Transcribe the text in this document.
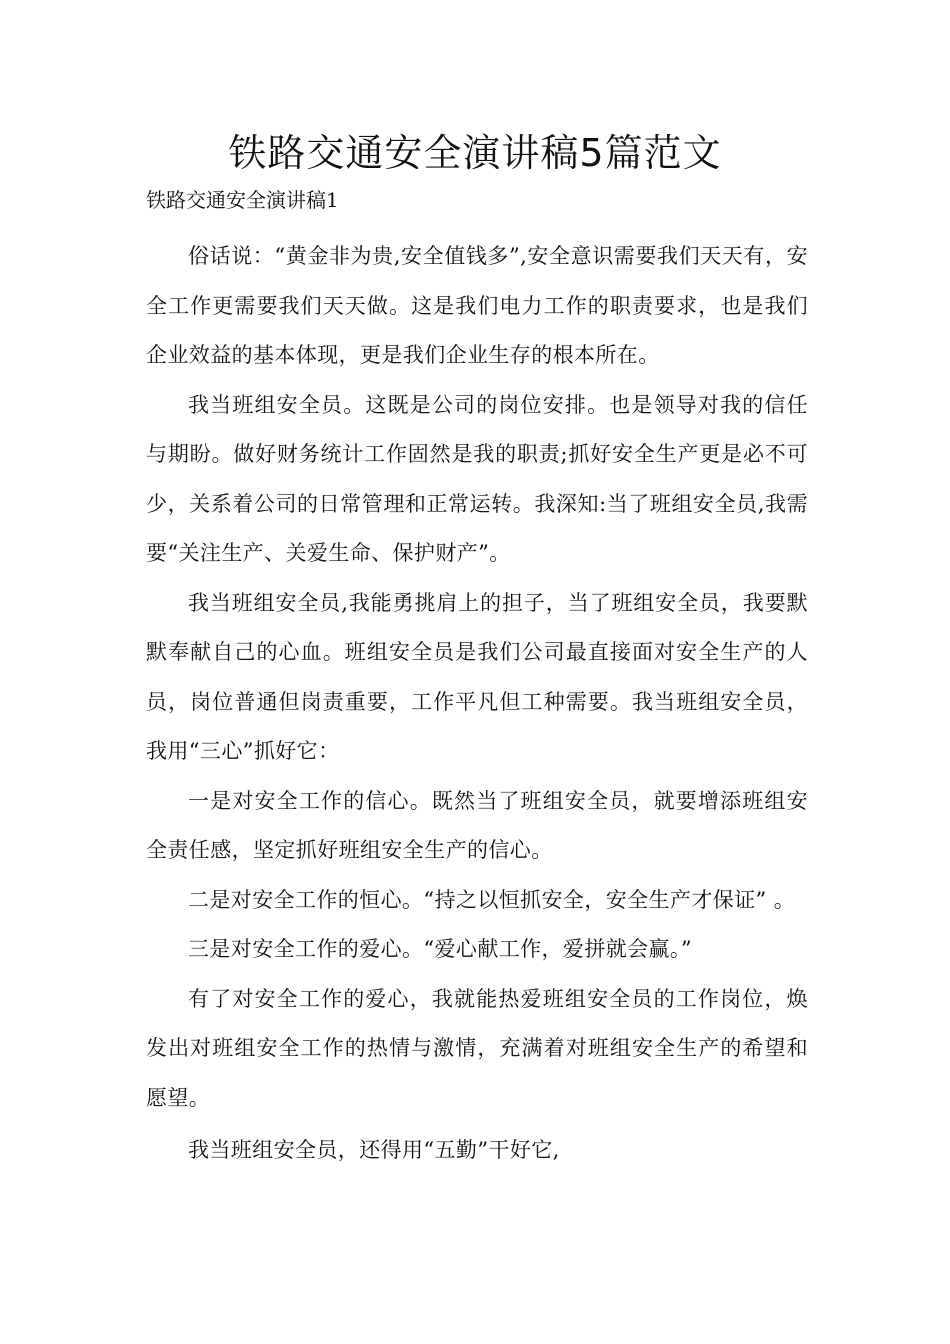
铁路交通安全演讲稿5篇范文
铁路交通安全演讲稿1

俗话说：“黄金非为贵,安全值钱多”,安全意识需要我们天天有，安全工作更需要我们天天做。这是我们电力工作的职责要求，也是我们企业效益的基本体现，更是我们企业生存的根本所在。

我当班组安全员。这既是公司的岗位安排。也是领导对我的信任与期盼。做好财务统计工作固然是我的职责;抓好安全生产更是必不可少，关系着公司的日常管理和正常运转。我深知:当了班组安全员,我需要“关注生产、关爱生命、保护财产”。

我当班组安全员,我能勇挑肩上的担子，当了班组安全员，我要默默奉献自己的心血。班组安全员是我们公司最直接面对安全生产的人员，岗位普通但岗责重要，工作平凡但工种需要。我当班组安全员，我用“三心”抓好它：

一是对安全工作的信心。既然当了班组安全员，就要增添班组安全责任感，坚定抓好班组安全生产的信心。

二是对安全工作的恒心。“持之以恒抓安全，安全生产才保证” 。

三是对安全工作的爱心。“爱心献工作，爱拼就会赢。”

有了对安全工作的爱心，我就能热爱班组安全员的工作岗位，焕发出对班组安全工作的热情与激情，充满着对班组安全生产的希望和愿望。

我当班组安全员，还得用“五勤”干好它,
